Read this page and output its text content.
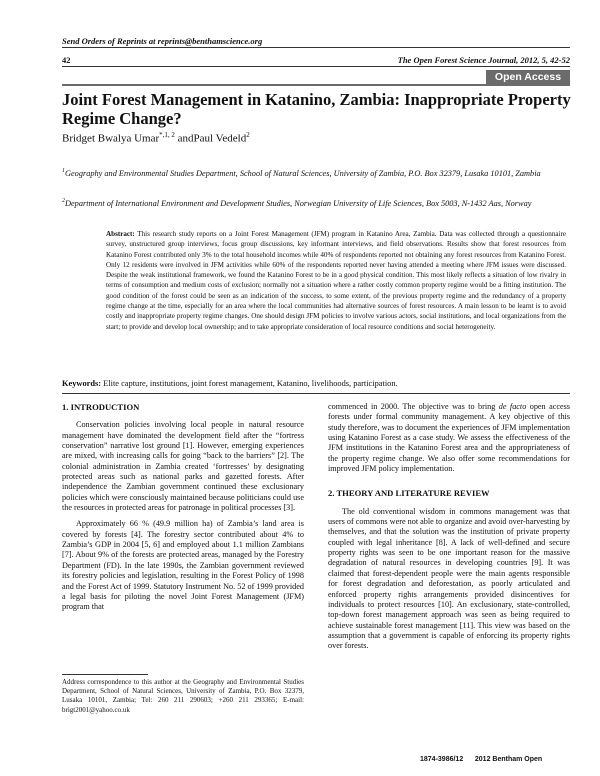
Send Orders of Reprints at reprints@benthamscience.org
42	The Open Forest Science Journal, 2012, 5, 42-52
Open Access
Joint Forest Management in Katanino, Zambia: Inappropriate Property Regime Change?
Bridget Bwalya Umar$^{*,1, 2}$ andPaul Vedeld$^2$
$^1$Geography and Environmental Studies Department, School of Natural Sciences, University of Zambia, P.O. Box 32379, Lusaka 10101, Zambia
$^2$Department of International Environment and Development Studies, Norwegian University of Life Sciences, Box 5003, N-1432 Aas, Norway
Abstract: This research study reports on a Joint Forest Management (JFM) program in Katanino Area, Zambia. Data was collected through a questionnaire survey, unstructured group interviews, focus group discussions, key informant interviews, and field observations. Results show that forest resources from Katanino Forest contributed only 3% to the total household incomes while 40% of respondents reported not obtaining any forest resources from Katanino Forest. Only 12 residents were involved in JFM activities while 60% of the respondents reported never having attended a meeting where JFM issues were discussed. Despite the weak institutional framework, we found the Katanino Forest to be in a good physical condition. This most likely reflects a situation of low rivalry in terms of consumption and medium costs of exclusion; normally not a situation where a rather costly common property regime would be a fitting institution. The good condition of the forest could be seen as an indication of the success, to some extent, of the previous property regime and the redundancy of a property regime change at the time, especially for an area where the local communities had alternative sources of forest resources. A main lesson to be learnt is to avoid costly and inappropriate property regime changes. One should design JFM policies to involve various actors, social institutions, and local organizations from the start; to provide and develop local ownership; and to take appropriate consideration of local resource conditions and social heterogeneity.
Keywords: Elite capture, institutions, joint forest management, Katanino, livelihoods, participation.
1. INTRODUCTION

Conservation policies involving local people in natural resource management have dominated the development field after the “fortress conservation” narrative lost ground [1]. However, emerging experiences are mixed, with increasing calls for going “back to the barriers” [2]. The colonial administration in Zambia created ‘fortresses’ by designating protected areas such as national parks and gazetted forests. After independence the Zambian government continued these exclusionary policies which were consciously maintained because politicians could use the resources in protected areas for patronage in political processes [3].

Approximately 66 % (49.9 million ha) of Zambia’s land area is covered by forests [4]. The forestry sector contributed about 4% to Zambia’s GDP in 2004 [5, 6] and employed about 1.1 million Zambians [7]. About 9% of the forests are protected areas, managed by the Forestry Department (FD). In the late 1990s, the Zambian government reviewed its forestry policies and legislation, resulting in the Forest Policy of 1998 and the Forest Act of 1999. Statutory Instrument No. 52 of 1999 provided a legal basis for piloting the novel Joint Forest Management (JFM) program that

commenced in 2000. The objective was to bring de facto open access forests under formal community management. A key objective of this study therefore, was to document the experiences of JFM implementation using Katanino Forest as a case study. We assess the effectiveness of the JFM institutions in the Katanino Forest area and the appropriateness of the property regime change. We also offer some recommendations for improved JFM policy implementation.

2. THEORY AND LITERATURE REVIEW

The old conventional wisdom in commons management was that users of commons were not able to organize and avoid over-harvesting by themselves, and that the solution was the institution of private property coupled with legal inheritance [8]. A lack of well-defined and secure property rights was seen to be one important reason for the massive degradation of natural resources in developing countries [9]. It was claimed that forest-dependent people were the main agents responsible for forest degradation and deforestation, as poorly articulated and enforced property rights arrangements provided disincentives for individuals to protect resources [10]. An exclusionary, state-controlled, top-down forest management approach was seen as being required to achieve sustainable forest management [11]. This view was based on the assumption that a government is capable of enforcing its property rights over forests.

Address correspondence to this author at the Geography and Environmental Studies Department, School of Natural Sciences, University of Zambia, P.O. Box 32379, Lusaka 10101, Zambia; Tel: 260 211 290603; +260 211 293365; E-mail: brigt2001@yahoo.co.uk
1874-3986/12 2012 Bentham Open
